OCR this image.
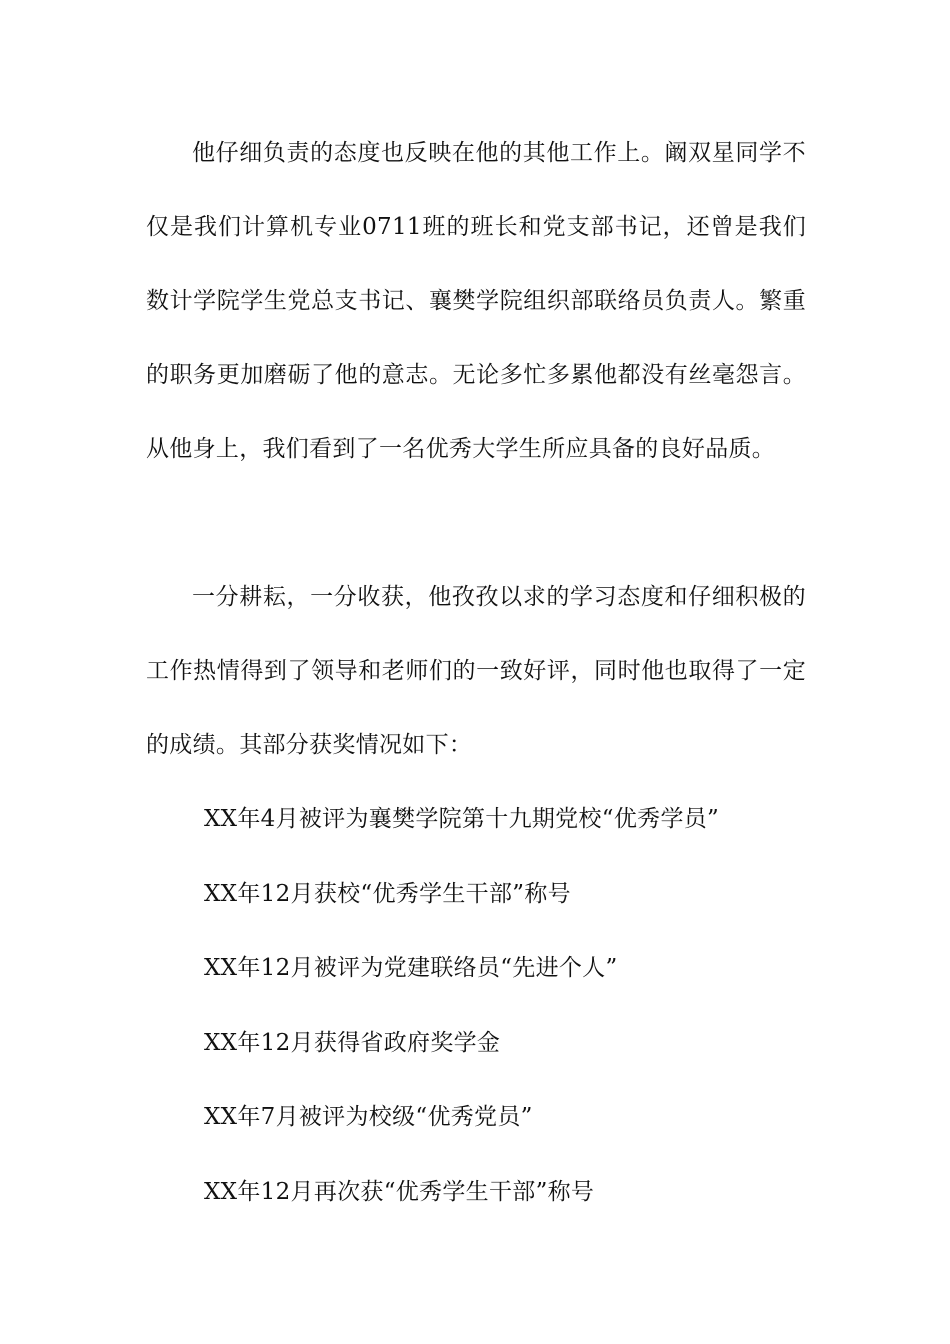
他仔细负责的态度也反映在他的其他工作上。阚双星同学不仅是我们计算机专业0711班的班长和党支部书记，还曾是我们数计学院学生党总支书记、襄樊学院组织部联络员负责人。繁重的职务更加磨砺了他的意志。无论多忙多累他都没有丝毫怨言。从他身上，我们看到了一名优秀大学生所应具备的良好品质。

一分耕耘，一分收获，他孜孜以求的学习态度和仔细积极的工作热情得到了领导和老师们的一致好评，同时他也取得了一定的成绩。其部分获奖情况如下：

XX年4月被评为襄樊学院第十九期党校“优秀学员”
XX年12月获校“优秀学生干部”称号
XX年12月被评为党建联络员“先进个人”
XX年12月获得省政府奖学金
XX年7月被评为校级“优秀党员”
XX年12月再次获“优秀学生干部”称号
